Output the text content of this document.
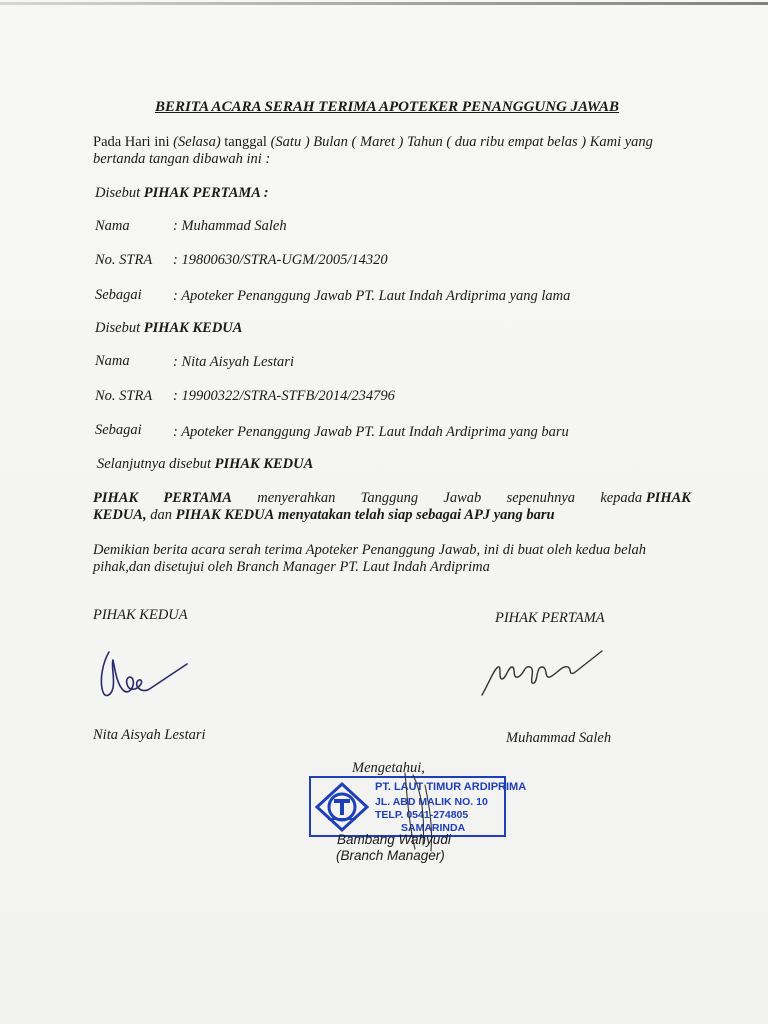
BERITA ACARA SERAH TERIMA APOTEKER PENANGGUNG JAWAB
Pada Hari ini (Selasa) tanggal (Satu ) Bulan ( Maret ) Tahun ( dua ribu empat belas ) Kami yang
bertanda tangan dibawah ini :
Disebut PIHAK PERTAMA :
Nama	: Muhammad Saleh
No. STRA : 19800630/STRA-UGM/2005/14320
Sebagai : Apoteker Penanggung Jawab PT. Laut Indah Ardiprima yang lama
Disebut PIHAK KEDUA
Nama	: Nita Aisyah Lestari
No. STRA : 19900322/STRA-STFB/2014/234796
Sebagai : Apoteker Penanggung Jawab PT. Laut Indah Ardiprima yang baru
Selanjutnya disebut PIHAK KEDUA
PIHAK PERTAMA menyerahkan Tanggung Jawab sepenuhnya kepada PIHAK
KEDUA, dan PIHAK KEDUA menyatakan telah siap sebagai APJ yang baru
Demikian berita acara serah terima Apoteker Penanggung Jawab, ini di buat oleh kedua belah
pihak,dan disetujui oleh Branch Manager PT. Laut Indah Ardiprima
PIHAK KEDUA	PIHAK PERTAMA
Nita Aisyah Lestari	Muhammad Saleh
Mengetahui,
PT. LAUT TIMUR ARDIPRIMA
JL. ABD MALIK NO. 10
TELP. 0541-274805
SAMARINDA
Bambang Wahyudi
(Branch Manager)
